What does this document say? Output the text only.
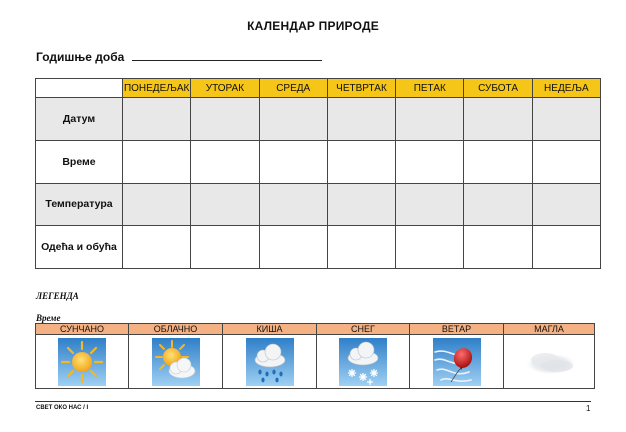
КАЛЕНДАР ПРИРОДЕ
Годишње доба
	ПОНЕДЕЉАК	УТОРАК	СРЕДА	ЧЕТВРТАК	ПЕТАК	СУБОТА	НЕДЕЉА
Датум							
Време							
Температура							
Одећа и обућа							
ЛЕГЕНДА
Време
СУНЧАНО	ОБЛАЧНО	КИША	СНЕГ	ВЕТАР	МАГЛА

СВЕТ ОКО НАС / I	1
